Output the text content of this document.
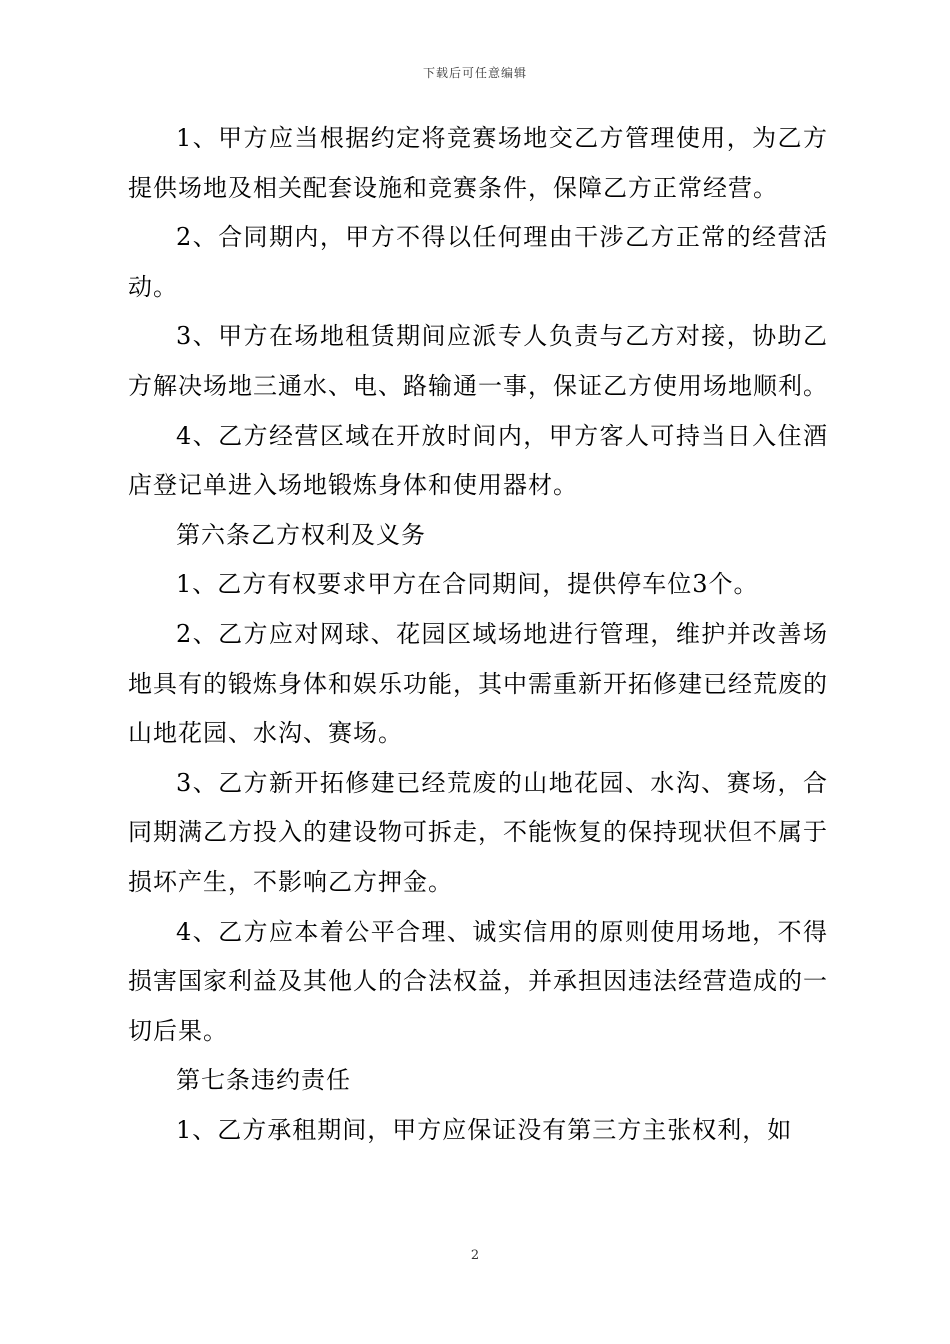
下载后可任意编辑

1、甲方应当根据约定将竞赛场地交乙方管理使用，为乙方提供场地及相关配套设施和竞赛条件，保障乙方正常经营。

2、合同期内，甲方不得以任何理由干涉乙方正常的经营活动。

3、甲方在场地租赁期间应派专人负责与乙方对接，协助乙方解决场地三通水、电、路输通一事，保证乙方使用场地顺利。

4、乙方经营区域在开放时间内，甲方客人可持当日入住酒店登记单进入场地锻炼身体和使用器材。

第六条乙方权利及义务

1、乙方有权要求甲方在合同期间，提供停车位3个。

2、乙方应对网球、花园区域场地进行管理，维护并改善场地具有的锻炼身体和娱乐功能，其中需重新开拓修建已经荒废的山地花园、水沟、赛场。

3、乙方新开拓修建已经荒废的山地花园、水沟、赛场，合同期满乙方投入的建设物可拆走，不能恢复的保持现状但不属于损坏产生，不影响乙方押金。

4、乙方应本着公平合理、诚实信用的原则使用场地，不得损害国家利益及其他人的合法权益，并承担因违法经营造成的一切后果。

第七条违约责任

1、乙方承租期间，甲方应保证没有第三方主张权利，如

2
